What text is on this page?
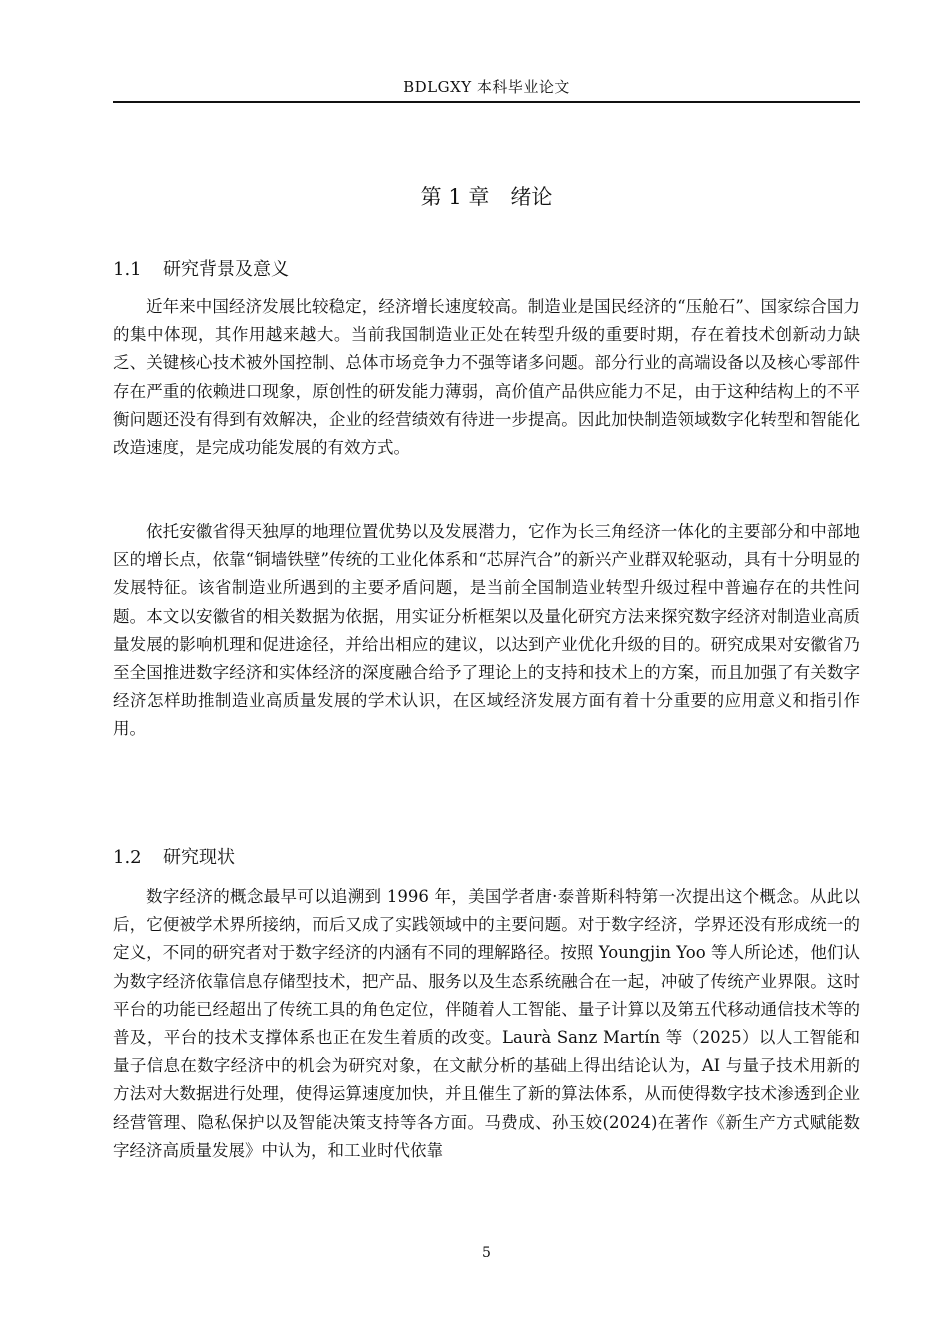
BDLGXY 本科毕业论文
第 1 章　绪论
1.1 研究背景及意义

近年来中国经济发展比较稳定，经济增长速度较高。制造业是国民经济的“压舱石”、国家综合国力的集中体现，其作用越来越大。当前我国制造业正处在转型升级的重要时期，存在着技术创新动力缺乏、关键核心技术被外国控制、总体市场竞争力不强等诸多问题。部分行业的高端设备以及核心零部件存在严重的依赖进口现象，原创性的研发能力薄弱，高价值产品供应能力不足，由于这种结构上的不平衡问题还没有得到有效解决，企业的经营绩效有待进一步提高。因此加快制造领域数字化转型和智能化改造速度，是完成功能发展的有效方式。

依托安徽省得天独厚的地理位置优势以及发展潜力，它作为长三角经济一体化的主要部分和中部地区的增长点，依靠“铜墙铁壁”传统的工业化体系和“芯屏汽合”的新兴产业群双轮驱动，具有十分明显的发展特征。该省制造业所遇到的主要矛盾问题，是当前全国制造业转型升级过程中普遍存在的共性问题。本文以安徽省的相关数据为依据，用实证分析框架以及量化研究方法来探究数字经济对制造业高质量发展的影响机理和促进途径，并给出相应的建议，以达到产业优化升级的目的。研究成果对安徽省乃至全国推进数字经济和实体经济的深度融合给予了理论上的支持和技术上的方案，而且加强了有关数字经济怎样助推制造业高质量发展的学术认识，在区域经济发展方面有着十分重要的应用意义和指引作用。

1.2 研究现状

数字经济的概念最早可以追溯到 1996 年，美国学者唐·泰普斯科特第一次提出这个概念。从此以后，它便被学术界所接纳，而后又成了实践领域中的主要问题。对于数字经济，学界还没有形成统一的定义，不同的研究者对于数字经济的内涵有不同的理解路径。按照 Youngjin Yoo 等人所论述，他们认为数字经济依靠信息存储型技术，把产品、服务以及生态系统融合在一起，冲破了传统产业界限。这时平台的功能已经超出了传统工具的角色定位，伴随着人工智能、量子计算以及第五代移动通信技术等的普及，平台的技术支撑体系也正在发生着质的改变。Laurà Sanz Martín 等（2025）以人工智能和量子信息在数字经济中的机会为研究对象，在文献分析的基础上得出结论认为，AI 与量子技术用新的方法对大数据进行处理，使得运算速度加快，并且催生了新的算法体系，从而使得数字技术渗透到企业经营管理、隐私保护以及智能决策支持等各方面。马费成、孙玉姣(2024)在著作《新生产方式赋能数字经济高质量发展》中认为，和工业时代依靠

5
